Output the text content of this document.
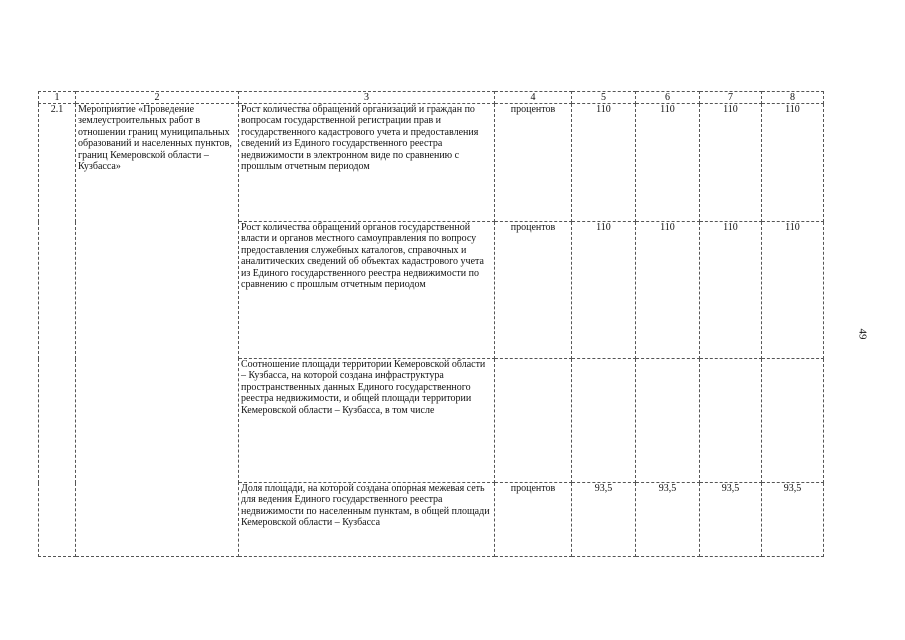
1	2	3	4	5	6	7	8
2.1	Мероприятие «Проведение землеустроительных работ в отношении границ муниципальных образований и населенных пунктов, границ Кемеровской области – Кузбасса»	Рост количества обращений организаций и граждан по вопросам государственной регистрации прав и государственного кадастрового учета и предоставления сведений из Единого государственного реестра недвижимости в электронном виде по сравнению с прошлым отчетным периодом	процентов	110	110	110	110
		Рост количества обращений органов государственной власти и органов местного самоуправления по вопросу предоставления служебных каталогов, справочных и аналитических сведений об объектах кадастрового учета из Единого государственного реестра недвижимости по сравнению с прошлым отчетным периодом	процентов	110	110	110	110
		Соотношение площади территории Кемеровской области – Кузбасса, на которой создана инфраструктура пространственных данных Единого государственного реестра недвижимости, и общей площади территории Кемеровской области – Кузбасса, в том числе					
		Доля площади, на которой создана опорная межевая сеть для ведения Единого государственного реестра недвижимости по населенным пунктам, в общей площади Кемеровской области – Кузбасса	процентов	93,5	93,5	93,5	93,5
49
